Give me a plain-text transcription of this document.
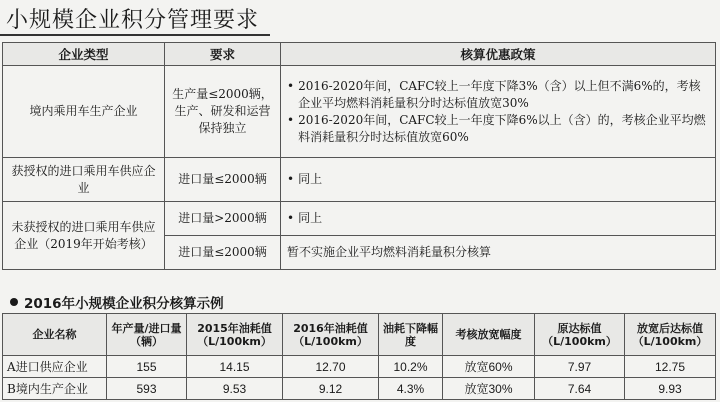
小规模企业积分管理要求
企业类型	要求	核算优惠政策
境内乘用车生产企业	生产量≤2000辆，生产、研发和运营保持独立	• 2016-2020年间，CAFC较上一年度下降3%（含）以上但不满6%的，考核企业平均燃料消耗量积分时达标值放宽30%
• 2016-2020年间，CAFC较上一年度下降6%以上（含）的，考核企业平均燃料消耗量积分时达标值放宽60%

获授权的进口乘用车供应企业	进口量≤2000辆	• 同上

未获授权的进口乘用车供应企业（2019年开始考核）	进口量>2000辆	• 同上

	进口量≤2000辆	暂不实施企业平均燃料消耗量积分核算
2016年小规模企业积分核算示例
企业名称	年产量/进口量（辆）	2015年油耗值（L/100km）	2016年油耗值（L/100km）	油耗下降幅度	考核放宽幅度	原达标值（L/100km）	放宽后达标值（L/100km）
A进口供应企业	155	14.15	12.70	10.2%	放宽60%	7.97	12.75
B境内生产企业	593	9.53	9.12	4.3%	放宽30%	7.64	9.93
